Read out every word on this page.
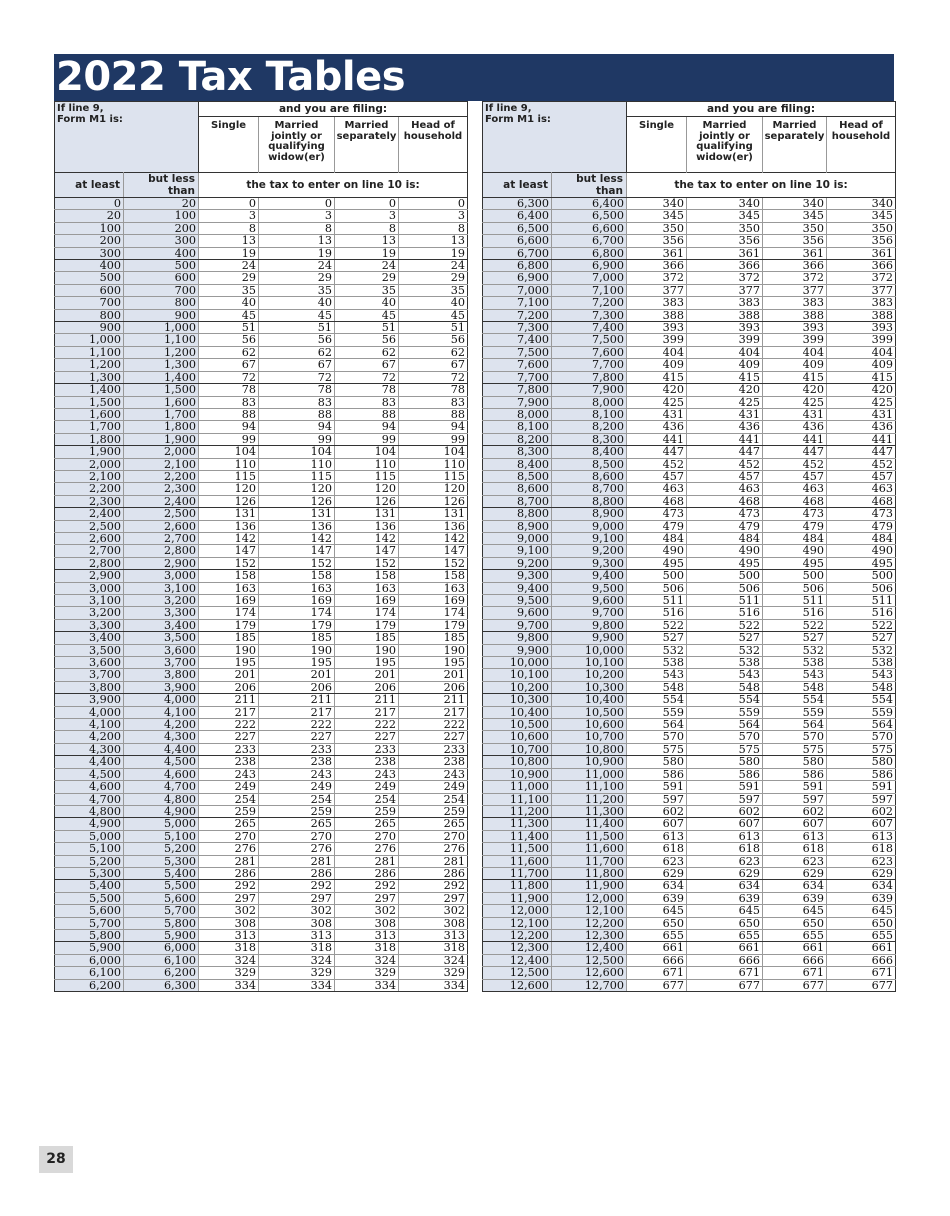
2022 Tax Tables
If line 9,
Form M1 is:		and you are filing:			
		Single	Married
jointly or
qualifying
widow(er)	Married
separately	Head of
household
at least	but less than	the tax to enter on line 10 is:			
0	20	0	0	0	0
20	100	3	3	3	3
100	200	8	8	8	8
200	300	13	13	13	13
300	400	19	19	19	19
400	500	24	24	24	24
500	600	29	29	29	29
600	700	35	35	35	35
700	800	40	40	40	40
800	900	45	45	45	45
900	1,000	51	51	51	51
1,000	1,100	56	56	56	56
1,100	1,200	62	62	62	62
1,200	1,300	67	67	67	67
1,300	1,400	72	72	72	72
1,400	1,500	78	78	78	78
1,500	1,600	83	83	83	83
1,600	1,700	88	88	88	88
1,700	1,800	94	94	94	94
1,800	1,900	99	99	99	99
1,900	2,000	104	104	104	104
2,000	2,100	110	110	110	110
2,100	2,200	115	115	115	115
2,200	2,300	120	120	120	120
2,300	2,400	126	126	126	126
2,400	2,500	131	131	131	131
2,500	2,600	136	136	136	136
2,600	2,700	142	142	142	142
2,700	2,800	147	147	147	147
2,800	2,900	152	152	152	152
2,900	3,000	158	158	158	158
3,000	3,100	163	163	163	163
3,100	3,200	169	169	169	169
3,200	3,300	174	174	174	174
3,300	3,400	179	179	179	179
3,400	3,500	185	185	185	185
3,500	3,600	190	190	190	190
3,600	3,700	195	195	195	195
3,700	3,800	201	201	201	201
3,800	3,900	206	206	206	206
3,900	4,000	211	211	211	211
4,000	4,100	217	217	217	217
4,100	4,200	222	222	222	222
4,200	4,300	227	227	227	227
4,300	4,400	233	233	233	233
4,400	4,500	238	238	238	238
4,500	4,600	243	243	243	243
4,600	4,700	249	249	249	249
4,700	4,800	254	254	254	254
4,800	4,900	259	259	259	259
4,900	5,000	265	265	265	265
5,000	5,100	270	270	270	270
5,100	5,200	276	276	276	276
5,200	5,300	281	281	281	281
5,300	5,400	286	286	286	286
5,400	5,500	292	292	292	292
5,500	5,600	297	297	297	297
5,600	5,700	302	302	302	302
5,700	5,800	308	308	308	308
5,800	5,900	313	313	313	313
5,900	6,000	318	318	318	318
6,000	6,100	324	324	324	324
6,100	6,200	329	329	329	329
6,200	6,300	334	334	334	334
If line 9,
Form M1 is:		and you are filing:			
		Single	Married
jointly or
qualifying
widow(er)	Married
separately	Head of
household
at least	but less than	the tax to enter on line 10 is:			
6,300	6,400	340	340	340	340
6,400	6,500	345	345	345	345
6,500	6,600	350	350	350	350
6,600	6,700	356	356	356	356
6,700	6,800	361	361	361	361
6,800	6,900	366	366	366	366
6,900	7,000	372	372	372	372
7,000	7,100	377	377	377	377
7,100	7,200	383	383	383	383
7,200	7,300	388	388	388	388
7,300	7,400	393	393	393	393
7,400	7,500	399	399	399	399
7,500	7,600	404	404	404	404
7,600	7,700	409	409	409	409
7,700	7,800	415	415	415	415
7,800	7,900	420	420	420	420
7,900	8,000	425	425	425	425
8,000	8,100	431	431	431	431
8,100	8,200	436	436	436	436
8,200	8,300	441	441	441	441
8,300	8,400	447	447	447	447
8,400	8,500	452	452	452	452
8,500	8,600	457	457	457	457
8,600	8,700	463	463	463	463
8,700	8,800	468	468	468	468
8,800	8,900	473	473	473	473
8,900	9,000	479	479	479	479
9,000	9,100	484	484	484	484
9,100	9,200	490	490	490	490
9,200	9,300	495	495	495	495
9,300	9,400	500	500	500	500
9,400	9,500	506	506	506	506
9,500	9,600	511	511	511	511
9,600	9,700	516	516	516	516
9,700	9,800	522	522	522	522
9,800	9,900	527	527	527	527
9,900	10,000	532	532	532	532
10,000	10,100	538	538	538	538
10,100	10,200	543	543	543	543
10,200	10,300	548	548	548	548
10,300	10,400	554	554	554	554
10,400	10,500	559	559	559	559
10,500	10,600	564	564	564	564
10,600	10,700	570	570	570	570
10,700	10,800	575	575	575	575
10,800	10,900	580	580	580	580
10,900	11,000	586	586	586	586
11,000	11,100	591	591	591	591
11,100	11,200	597	597	597	597
11,200	11,300	602	602	602	602
11,300	11,400	607	607	607	607
11,400	11,500	613	613	613	613
11,500	11,600	618	618	618	618
11,600	11,700	623	623	623	623
11,700	11,800	629	629	629	629
11,800	11,900	634	634	634	634
11,900	12,000	639	639	639	639
12,000	12,100	645	645	645	645
12,100	12,200	650	650	650	650
12,200	12,300	655	655	655	655
12,300	12,400	661	661	661	661
12,400	12,500	666	666	666	666
12,500	12,600	671	671	671	671
12,600	12,700	677	677	677	677
28
